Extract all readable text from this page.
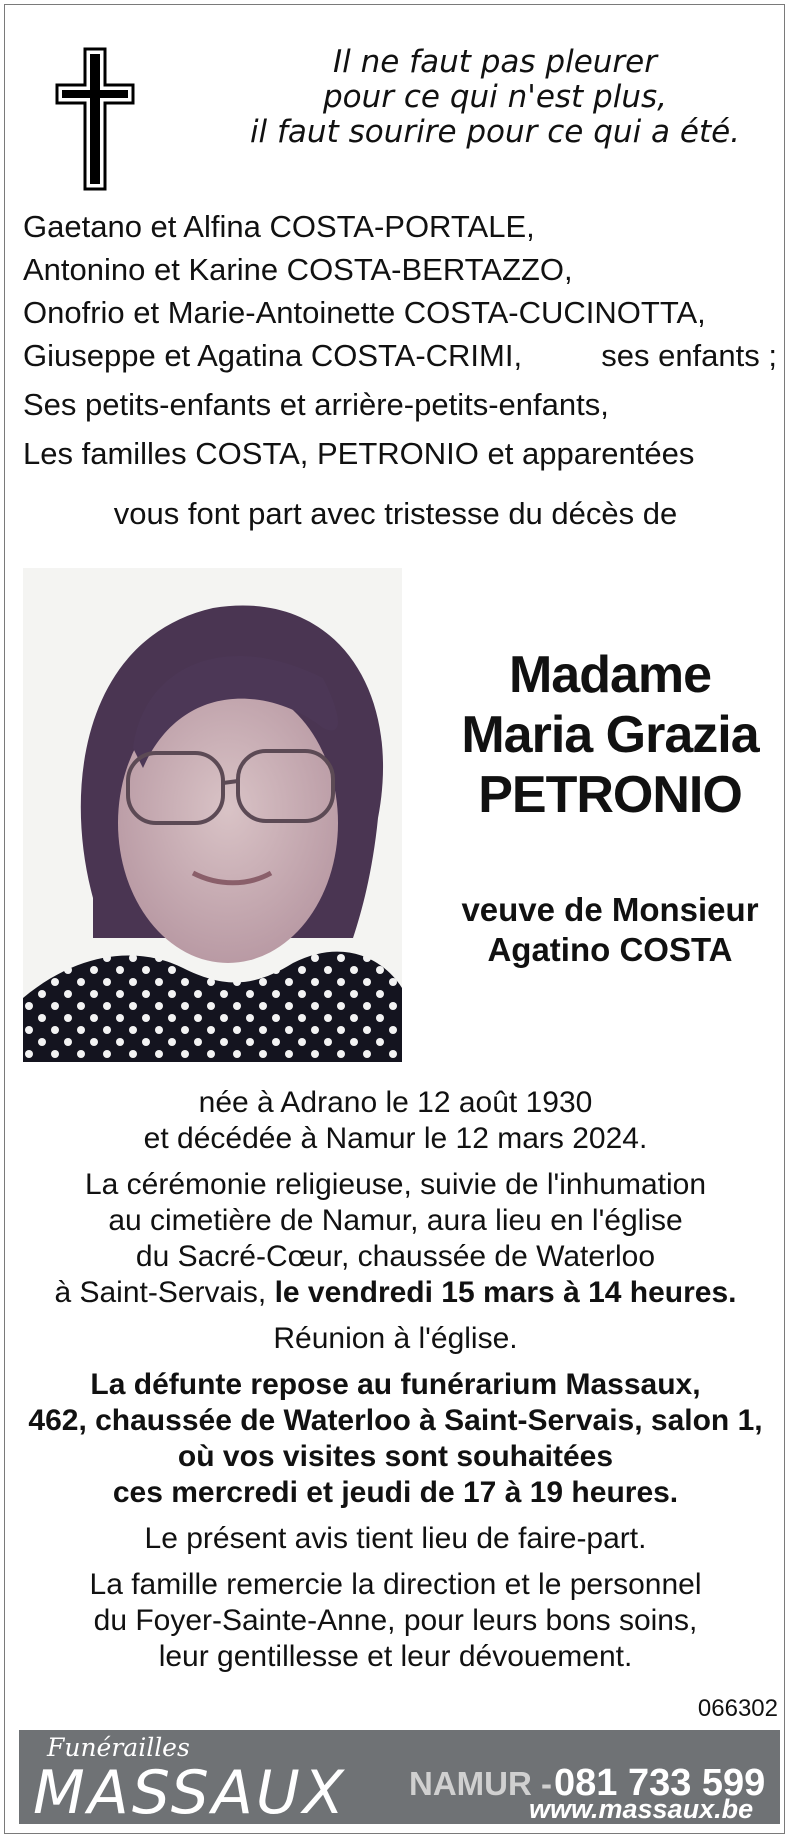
Il ne faut pas pleurer
pour ce qui n'est plus,
il faut sourire pour ce qui a été.
Gaetano et Alfina COSTA-PORTALE,
Antonino et Karine COSTA-BERTAZZO,
Onofrio et Marie-Antoinette COSTA-CUCINOTTA,
Giuseppe et Agatina COSTA-CRIMI,	ses enfants ;
Ses petits-enfants et arrière-petits-enfants,
Les familles COSTA, PETRONIO et apparentées
vous font part avec tristesse du décès de
Madame
Maria Grazia
PETRONIO
veuve de Monsieur
Agatino COSTA
née à Adrano le 12 août 1930
et décédée à Namur le 12 mars 2024.
La cérémonie religieuse, suivie de l'inhumation
au cimetière de Namur, aura lieu en l'église
du Sacré-Cœur, chaussée de Waterloo
à Saint-Servais, le vendredi 15 mars à 14 heures.
Réunion à l'église.
La défunte repose au funérarium Massaux,
462, chaussée de Waterloo à Saint-Servais, salon 1,
où vos visites sont souhaitées
ces mercredi et jeudi de 17 à 19 heures.
Le présent avis tient lieu de faire-part.
La famille remercie la direction et le personnel
du Foyer-Sainte-Anne, pour leurs bons soins,
leur gentillesse et leur dévouement.
066302
Funérailles
MASSAUX NAMUR - 081 733 599
www.massaux.be
